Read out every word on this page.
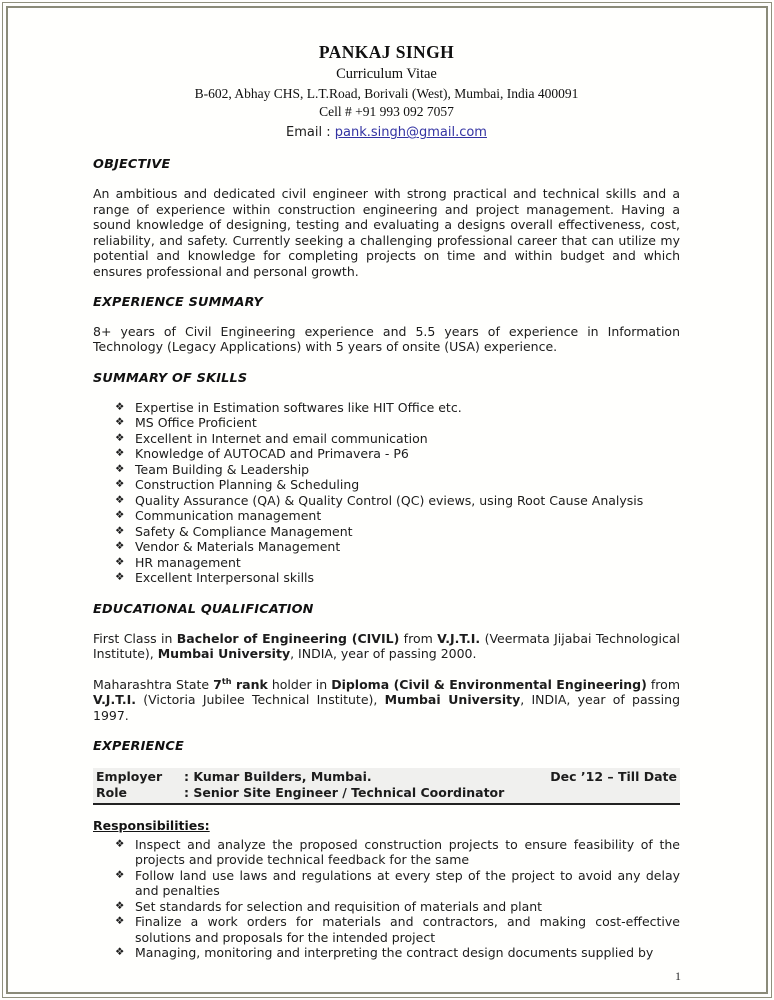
PANKAJ SINGH
Curriculum Vitae
B-602, Abhay CHS, L.T.Road, Borivali (West), Mumbai, India 400091
Cell # +91 993 092 7057
Email : pank.singh@gmail.com
OBJECTIVE

An ambitious and dedicated civil engineer with strong practical and technical skills and a range of experience within construction engineering and project management. Having a sound knowledge of designing, testing and evaluating a designs overall effectiveness, cost, reliability, and safety. Currently seeking a challenging professional career that can utilize my potential and knowledge for completing projects on time and within budget and which ensures professional and personal growth.

EXPERIENCE SUMMARY

8+ years of Civil Engineering experience and 5.5 years of experience in Information Technology (Legacy Applications) with 5 years of onsite (USA) experience.

SUMMARY OF SKILLS
❖ Expertise in Estimation softwares like HIT Office etc.
❖ MS Office Proficient
❖ Excellent in Internet and email communication
❖ Knowledge of AUTOCAD and Primavera - P6
❖ Team Building & Leadership
❖ Construction Planning & Scheduling
❖ Quality Assurance (QA) & Quality Control (QC) eviews, using Root Cause Analysis
❖ Communication management
❖ Safety & Compliance Management
❖ Vendor & Materials Management
❖ HR management
❖ Excellent Interpersonal skills
EDUCATIONAL QUALIFICATION

First Class in Bachelor of Engineering (CIVIL) from V.J.T.I. (Veermata Jijabai Technological Institute), Mumbai University, INDIA, year of passing 2000.

Maharashtra State 7th rank holder in Diploma (Civil & Environmental Engineering) from V.J.T.I. (Victoria Jubilee Technical Institute), Mumbai University, INDIA, year of passing 1997.

EXPERIENCE
Employer	: Kumar Builders, Mumbai.	Dec ’12 – Till Date
Role	: Senior Site Engineer / Technical Coordinator
Responsibilities:
❖ Inspect and analyze the proposed construction projects to ensure feasibility of the projects and provide technical feedback for the same
❖ Follow land use laws and regulations at every step of the project to avoid any delay and penalties
❖ Set standards for selection and requisition of materials and plant
❖ Finalize a work orders for materials and contractors, and making cost-effective solutions and proposals for the intended project
❖ Managing, monitoring and interpreting the contract design documents supplied by
1
